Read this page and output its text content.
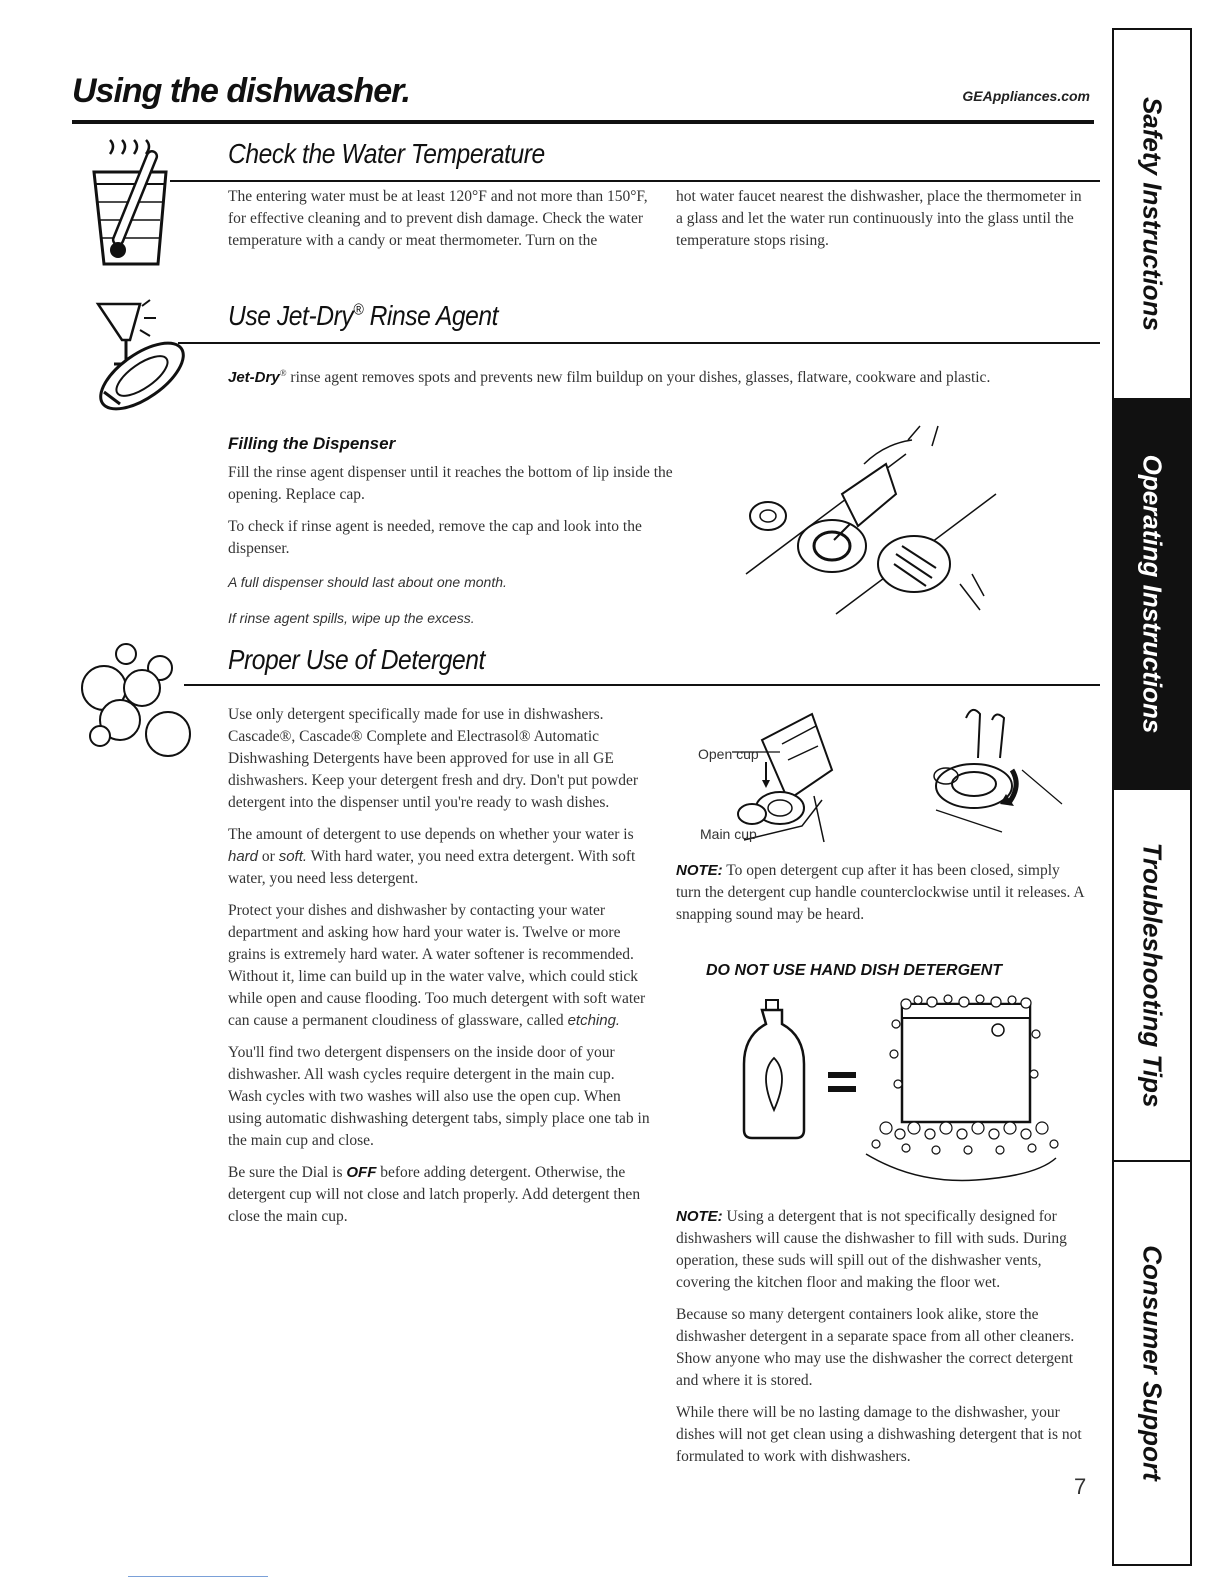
Using the dishwasher.	GEAppliances.com
Safety Instructions
Operating Instructions
Troubleshooting Tips
Consumer Support
Check the Water Temperature
The entering water must be at least 120°F and not more than 150°F, for effective cleaning and to prevent dish damage. Check the water temperature with a candy or meat thermometer. Turn on the
hot water faucet nearest the dishwasher, place the thermometer in a glass and let the water run continuously into the glass until the temperature stops rising.
Use Jet-Dry® Rinse Agent
Jet-Dry® rinse agent removes spots and prevents new film buildup on your dishes, glasses, flatware, cookware and plastic.
Filling the Dispenser

Fill the rinse agent dispenser until it reaches the bottom of lip inside the opening. Replace cap.

To check if rinse agent is needed, remove the cap and look into the dispenser.

A full dispenser should last about one month.
If rinse agent spills, wipe up the excess.
Proper Use of Detergent

Use only detergent specifically made for use in dishwashers. Cascade®, Cascade® Complete and Electrasol® Automatic Dishwashing Detergents have been approved for use in all GE dishwashers. Keep your detergent fresh and dry. Don't put powder detergent into the dispenser until you're ready to wash dishes.

The amount of detergent to use depends on whether your water is hard or soft. With hard water, you need extra detergent. With soft water, you need less detergent.

Protect your dishes and dishwasher by contacting your water department and asking how hard your water is. Twelve or more grains is extremely hard water. A water softener is recommended. Without it, lime can build up in the water valve, which could stick while open and cause flooding. Too much detergent with soft water can cause a permanent cloudiness of glassware, called etching.

You'll find two detergent dispensers on the inside door of your dishwasher. All wash cycles require detergent in the main cup. Wash cycles with two washes will also use the open cup. When using automatic dishwashing detergent tabs, simply place one tab in the main cup and close.

Be sure the Dial is OFF before adding detergent. Otherwise, the detergent cup will not close and latch properly. Add detergent then close the main cup.

Open cup
Main cup
NOTE: To open detergent cup after it has been closed, simply turn the detergent cup handle counterclockwise until it releases. A snapping sound may be heard.
DO NOT USE HAND DISH DETERGENT

NOTE: Using a detergent that is not specifically designed for dishwashers will cause the dishwasher to fill with suds. During operation, these suds will spill out of the dishwasher vents, covering the kitchen floor and making the floor wet.

Because so many detergent containers look alike, store the dishwasher detergent in a separate space from all other cleaners. Show anyone who may use the dishwasher the correct detergent and where it is stored.

While there will be no lasting damage to the dishwasher, your dishes will not get clean using a dishwashing detergent that is not formulated to work with dishwashers.

7
